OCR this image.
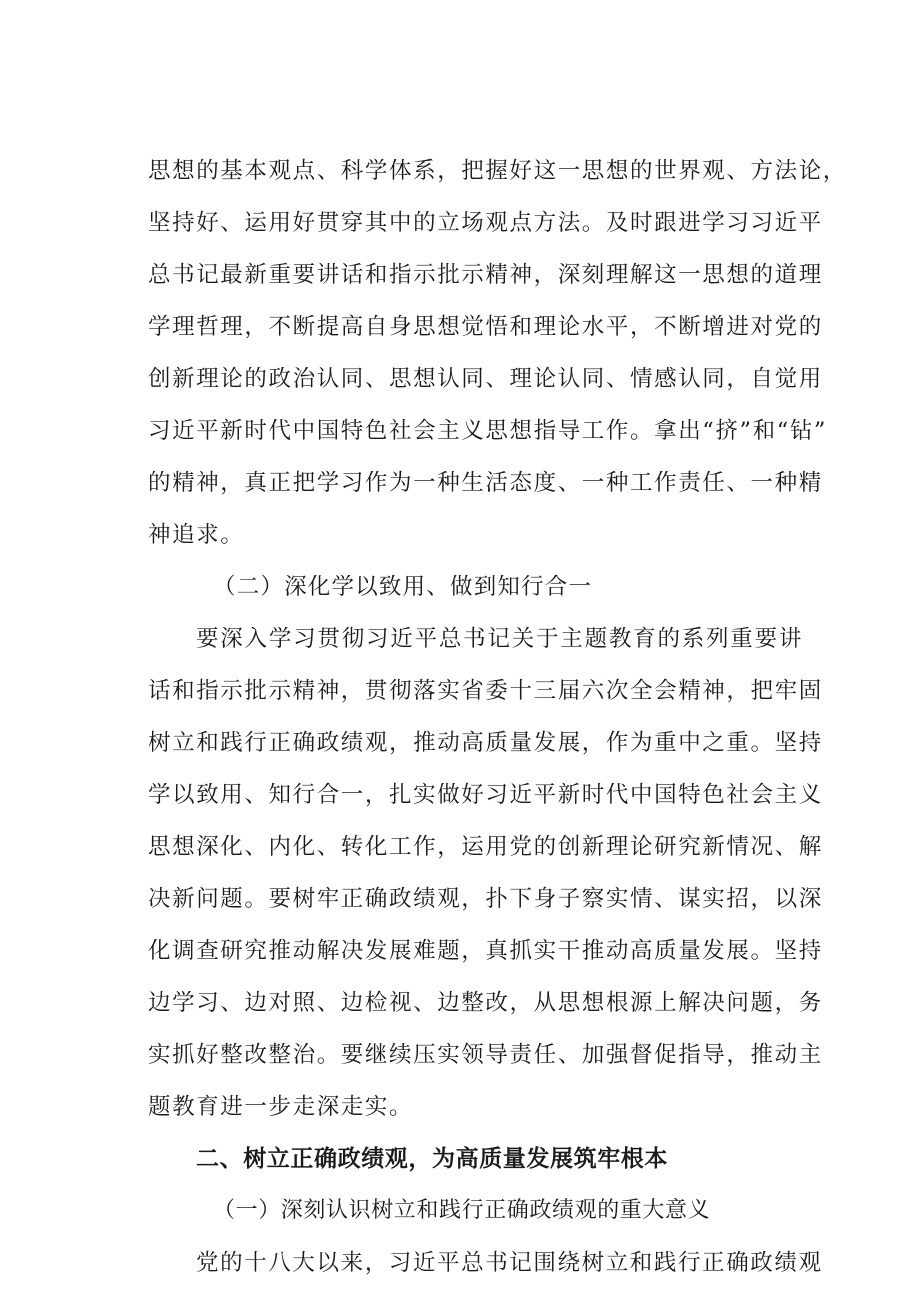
思想的基本观点、科学体系，把握好这一思想的世界观、方法论，
坚持好、运用好贯穿其中的立场观点方法。及时跟进学习习近平
总书记最新重要讲话和指示批示精神，深刻理解这一思想的道理
学理哲理，不断提高自身思想觉悟和理论水平，不断增进对党的
创新理论的政治认同、思想认同、理论认同、情感认同，自觉用
习近平新时代中国特色社会主义思想指导工作。拿出“挤”和“钻”
的精神，真正把学习作为一种生活态度、一种工作责任、一种精
神追求。
（二）深化学以致用、做到知行合一
要深入学习贯彻习近平总书记关于主题教育的系列重要讲
话和指示批示精神，贯彻落实省委十三届六次全会精神，把牢固
树立和践行正确政绩观，推动高质量发展，作为重中之重。坚持
学以致用、知行合一，扎实做好习近平新时代中国特色社会主义
思想深化、内化、转化工作，运用党的创新理论研究新情况、解
决新问题。要树牢正确政绩观，扑下身子察实情、谋实招，以深
化调查研究推动解决发展难题，真抓实干推动高质量发展。坚持
边学习、边对照、边检视、边整改，从思想根源上解决问题，务
实抓好整改整治。要继续压实领导责任、加强督促指导，推动主
题教育进一步走深走实。
二、树立正确政绩观，为高质量发展筑牢根本
（一）深刻认识树立和践行正确政绩观的重大意义
党的十八大以来，习近平总书记围绕树立和践行正确政绩观
